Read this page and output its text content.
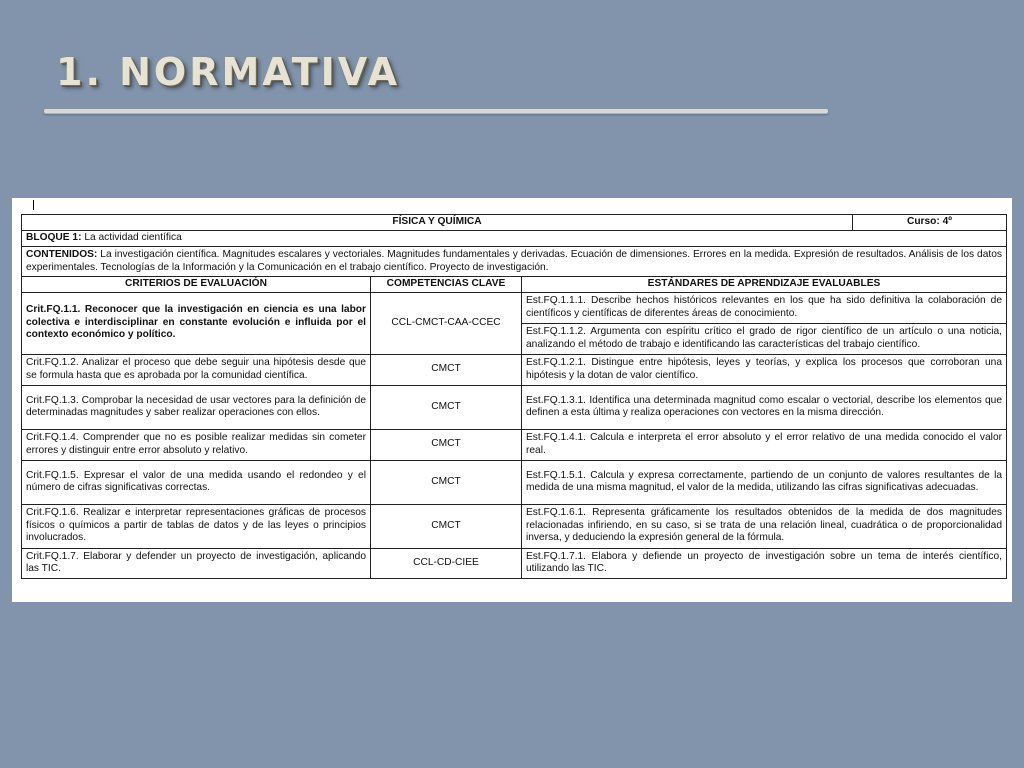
1. NORMATIVA
FÍSICA Y QUÍMICA			Curso: 4º
BLOQUE 1: La actividad científica			
CONTENIDOS: La investigación científica. Magnitudes escalares y vectoriales. Magnitudes fundamentales y derivadas. Ecuación de dimensiones. Errores en la medida. Expresión de resultados. Análisis de los datos experimentales. Tecnologías de la Información y la Comunicación en el trabajo científico. Proyecto de investigación.			
CRITERIOS DE EVALUACIÓN	COMPETENCIAS CLAVE	ESTÁNDARES DE APRENDIZAJE EVALUABLES	
Crit.FQ.1.1. Reconocer que la investigación en ciencia es una labor colectiva e interdisciplinar en constante evolución e influida por el contexto económico y político.	CCL-CMCT-CAA-CCEC	Est.FQ.1.1.1. Describe hechos históricos relevantes en los que ha sido definitiva la colaboración de científicos y científicas de diferentes áreas de conocimiento.	
		Est.FQ.1.1.2. Argumenta con espíritu crítico el grado de rigor científico de un artículo o una noticia, analizando el método de trabajo e identificando las características del trabajo científico.	
Crit.FQ.1.2. Analizar el proceso que debe seguir una hipótesis desde que se formula hasta que es aprobada por la comunidad científica.	CMCT	Est.FQ.1.2.1. Distingue entre hipótesis, leyes y teorías, y explica los procesos que corroboran una hipótesis y la dotan de valor científico.	
Crit.FQ.1.3. Comprobar la necesidad de usar vectores para la definición de determinadas magnitudes y saber realizar operaciones con ellos.	CMCT	Est.FQ.1.3.1. Identifica una determinada magnitud como escalar o vectorial, describe los elementos que definen a esta última y realiza operaciones con vectores en la misma dirección.	
Crit.FQ.1.4. Comprender que no es posible realizar medidas sin cometer errores y distinguir entre error absoluto y relativo.	CMCT	Est.FQ.1.4.1. Calcula e interpreta el error absoluto y el error relativo de una medida conocido el valor real.	
Crit.FQ.1.5. Expresar el valor de una medida usando el redondeo y el número de cifras significativas correctas.	CMCT	Est.FQ.1.5.1. Calcula y expresa correctamente, partiendo de un conjunto de valores resultantes de la medida de una misma magnitud, el valor de la medida, utilizando las cifras significativas adecuadas.	
Crit.FQ.1.6. Realizar e interpretar representaciones gráficas de procesos físicos o químicos a partir de tablas de datos y de las leyes o principios involucrados.	CMCT	Est.FQ.1.6.1. Representa gráficamente los resultados obtenidos de la medida de dos magnitudes relacionadas infiriendo, en su caso, si se trata de una relación lineal, cuadrática o de proporcionalidad inversa, y deduciendo la expresión general de la fórmula.	
Crit.FQ.1.7. Elaborar y defender un proyecto de investigación, aplicando las TIC.	CCL-CD-CIEE	Est.FQ.1.7.1. Elabora y defiende un proyecto de investigación sobre un tema de interés científico, utilizando las TIC.	
